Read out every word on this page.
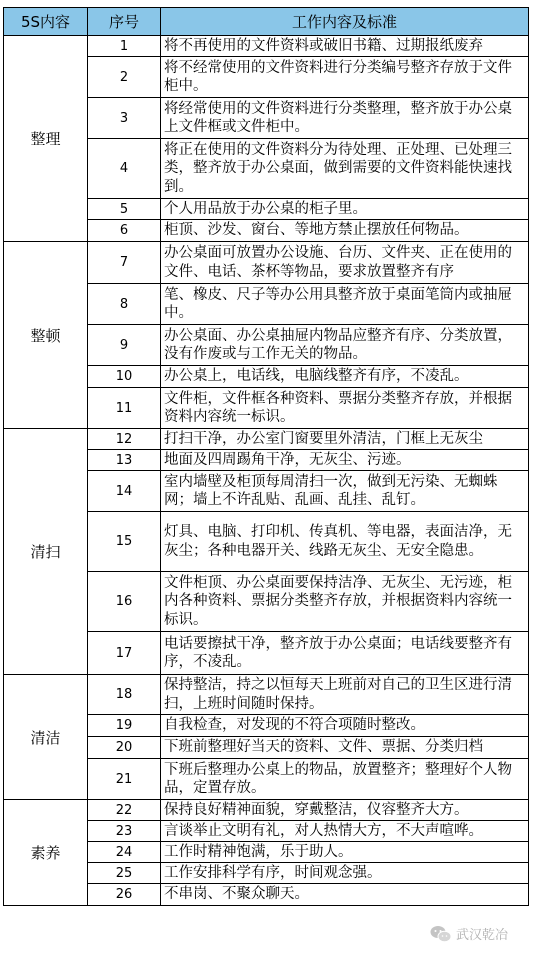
5S内容	序号	工作内容及标准
整理	1	将不再使用的文件资料或破旧书籍、过期报纸废弃
	2	将不经常使用的文件资料进行分类编号整齐存放于文件柜中。
	3	将经常使用的文件资料进行分类整理，整齐放于办公桌上文件框或文件柜中。
	4	将正在使用的文件资料分为待处理、正处理、已处理三类，整齐放于办公桌面，做到需要的文件资料能快速找到。
	5	个人用品放于办公桌的柜子里。
	6	柜顶、沙发、窗台、等地方禁止摆放任何物品。
整顿	7	办公桌面可放置办公设施、台历、文件夹、正在使用的文件、电话、茶杯等物品，要求放置整齐有序
	8	笔、橡皮、尺子等办公用具整齐放于桌面笔筒内或抽屉中。
	9	办公桌面、办公桌抽屉内物品应整齐有序、分类放置，没有作废或与工作无关的物品。
	10	办公桌上，电话线，电脑线整齐有序，不凌乱。
	11	文件柜，文件框各种资料、票据分类整齐存放，并根据资料内容统一标识。
清扫	12	打扫干净，办公室门窗要里外清洁，门框上无灰尘
	13	地面及四周踢角干净，无灰尘、污迹。
	14	室内墙壁及柜顶每周清扫一次，做到无污染、无蜘蛛网；墙上不许乱贴、乱画、乱挂、乱钉。
	15	灯具、电脑、打印机、传真机、等电器，表面洁净，无灰尘；各种电器开关、线路无灰尘、无安全隐患。
	16	文件柜顶、办公桌面要保持洁净、无灰尘、无污迹，柜内各种资料、票据分类整齐存放，并根据资料内容统一标识。
	17	电话要擦拭干净，整齐放于办公桌面；电话线要整齐有序，不凌乱。
清洁	18	保持整洁，持之以恒每天上班前对自己的卫生区进行清扫，上班时间随时保持。
	19	自我检查，对发现的不符合项随时整改。
	20	下班前整理好当天的资料、文件、票据、分类归档
	21	下班后整理办公桌上的物品，放置整齐；整理好个人物品，定置存放。
素养	22	保持良好精神面貌，穿戴整洁，仪容整齐大方。
	23	言谈举止文明有礼，对人热情大方，不大声喧哗。
	24	工作时精神饱满，乐于助人。
	25	工作安排科学有序，时间观念强。
	26	不串岗、不聚众聊天。
武汉乾冶
